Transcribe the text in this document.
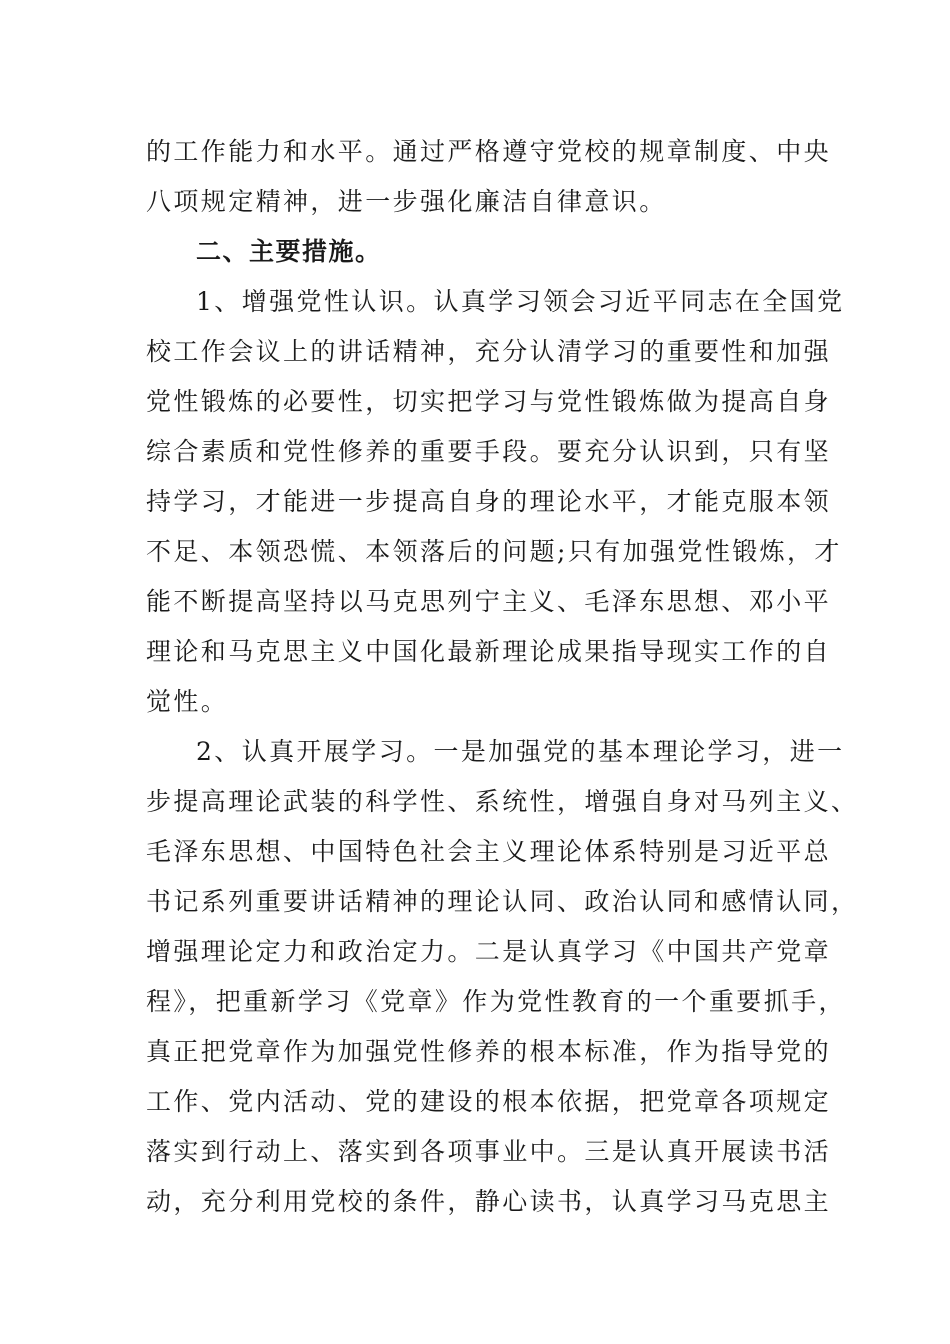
的工作能力和水平。通过严格遵守党校的规章制度、中央
八项规定精神，进一步强化廉洁自律意识。
二、主要措施。
1、增强党性认识。认真学习领会习近平同志在全国党
校工作会议上的讲话精神，充分认清学习的重要性和加强
党性锻炼的必要性，切实把学习与党性锻炼做为提高自身
综合素质和党性修养的重要手段。要充分认识到，只有坚
持学习，才能进一步提高自身的理论水平，才能克服本领
不足、本领恐慌、本领落后的问题;只有加强党性锻炼，才
能不断提高坚持以马克思列宁主义、毛泽东思想、邓小平
理论和马克思主义中国化最新理论成果指导现实工作的自
觉性。
2、认真开展学习。一是加强党的基本理论学习，进一
步提高理论武装的科学性、系统性，增强自身对马列主义、
毛泽东思想、中国特色社会主义理论体系特别是习近平总
书记系列重要讲话精神的理论认同、政治认同和感情认同，
增强理论定力和政治定力。二是认真学习《中国共产党章
程》，把重新学习《党章》作为党性教育的一个重要抓手，
真正把党章作为加强党性修养的根本标准，作为指导党的
工作、党内活动、党的建设的根本依据，把党章各项规定
落实到行动上、落实到各项事业中。三是认真开展读书活
动，充分利用党校的条件，静心读书，认真学习马克思主
